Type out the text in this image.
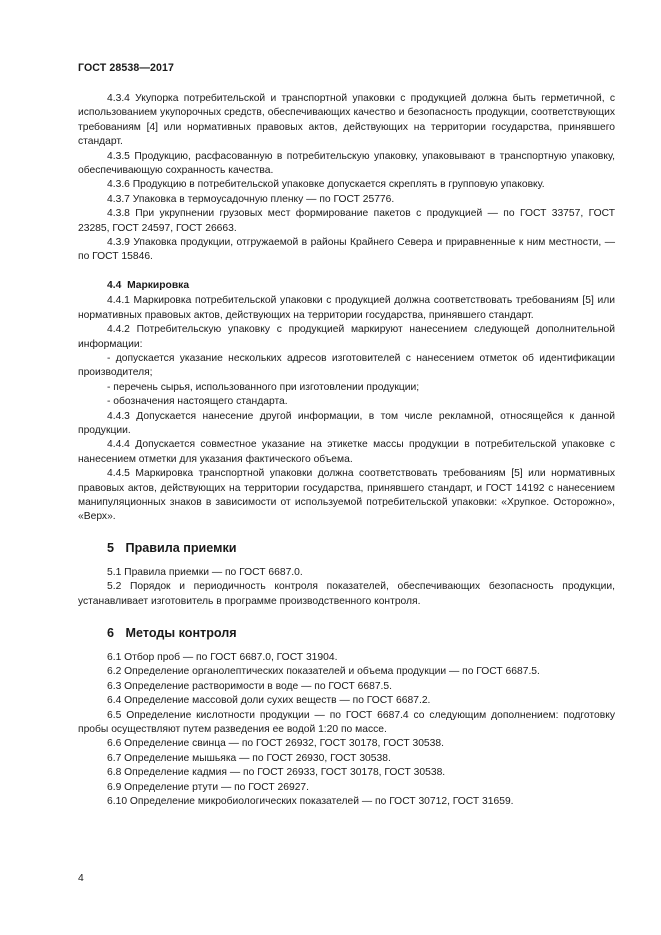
ГОСТ 28538—2017

4.3.4 Укупорка потребительской и транспортной упаковки с продукцией должна быть герметичной, с использованием укупорочных средств, обеспечивающих качество и безопасность продукции, соответствующих требованиям [4] или нормативных правовых актов, действующих на территории государства, принявшего стандарт.

4.3.5 Продукцию, расфасованную в потребительскую упаковку, упаковывают в транспортную упаковку, обеспечивающую сохранность качества.

4.3.6 Продукцию в потребительской упаковке допускается скреплять в групповую упаковку.

4.3.7 Упаковка в термоусадочную пленку — по ГОСТ 25776.

4.3.8 При укрупнении грузовых мест формирование пакетов с продукцией — по ГОСТ 33757, ГОСТ 23285, ГОСТ 24597, ГОСТ 26663.

4.3.9 Упаковка продукции, отгружаемой в районы Крайнего Севера и приравненные к ним местности, — по ГОСТ 15846.

4.4 Маркировка

4.4.1 Маркировка потребительской упаковки с продукцией должна соответствовать требованиям [5] или нормативных правовых актов, действующих на территории государства, принявшего стандарт.

4.4.2 Потребительскую упаковку с продукцией маркируют нанесением следующей дополнительной информации:

- допускается указание нескольких адресов изготовителей с нанесением отметок об идентификации производителя;

- перечень сырья, использованного при изготовлении продукции;

- обозначения настоящего стандарта.

4.4.3 Допускается нанесение другой информации, в том числе рекламной, относящейся к данной продукции.

4.4.4 Допускается совместное указание на этикетке массы продукции в потребительской упаковке с нанесением отметки для указания фактического объема.

4.4.5 Маркировка транспортной упаковки должна соответствовать требованиям [5] или нормативных правовых актов, действующих на территории государства, принявшего стандарт, и ГОСТ 14192 с нанесением манипуляционных знаков в зависимости от используемой потребительской упаковки: «Хрупкое. Осторожно», «Верх».

5 Правила приемки

5.1 Правила приемки — по ГОСТ 6687.0.

5.2 Порядок и периодичность контроля показателей, обеспечивающих безопасность продукции, устанавливает изготовитель в программе производственного контроля.

6 Методы контроля

6.1 Отбор проб — по ГОСТ 6687.0, ГОСТ 31904.

6.2 Определение органолептических показателей и объема продукции — по ГОСТ 6687.5.

6.3 Определение растворимости в воде — по ГОСТ 6687.5.

6.4 Определение массовой доли сухих веществ — по ГОСТ 6687.2.

6.5 Определение кислотности продукции — по ГОСТ 6687.4 со следующим дополнением: подготовку пробы осуществляют путем разведения ее водой 1:20 по массе.

6.6 Определение свинца — по ГОСТ 26932, ГОСТ 30178, ГОСТ 30538.

6.7 Определение мышьяка — по ГОСТ 26930, ГОСТ 30538.

6.8 Определение кадмия — по ГОСТ 26933, ГОСТ 30178, ГОСТ 30538.

6.9 Определение ртути — по ГОСТ 26927.

6.10 Определение микробиологических показателей — по ГОСТ 30712, ГОСТ 31659.

4
